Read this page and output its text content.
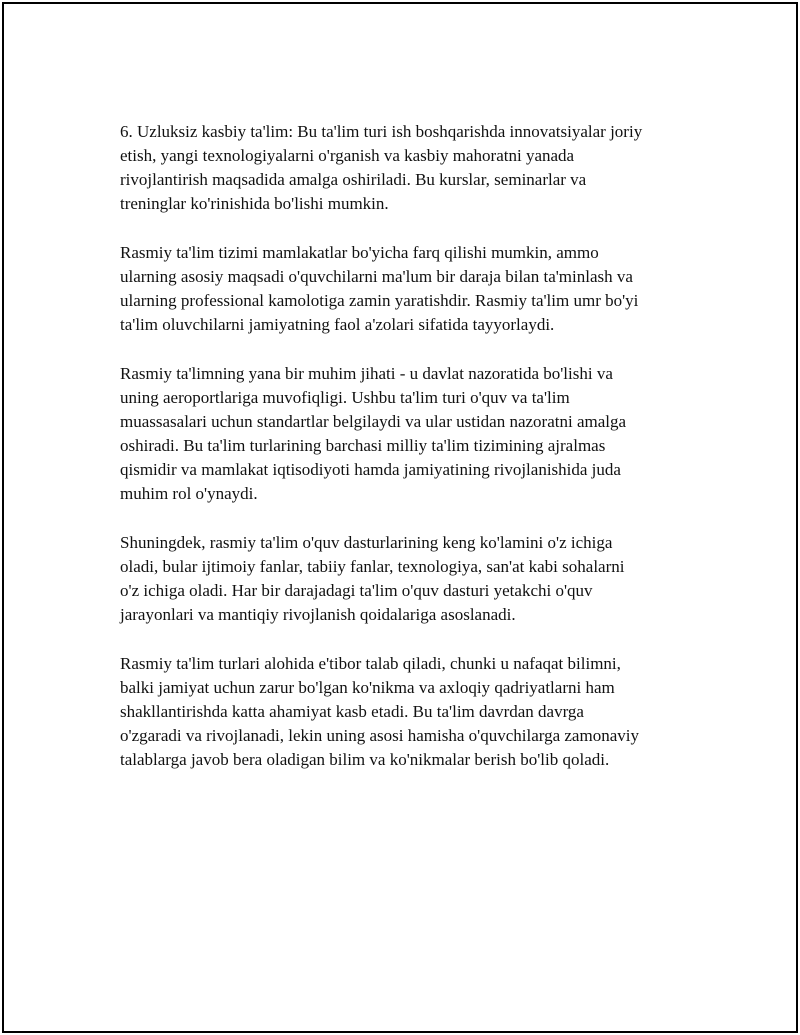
6. Uzluksiz kasbiy ta'lim: Bu ta'lim turi ish boshqarishda innovatsiyalar joriy
etish, yangi texnologiyalarni o'rganish va kasbiy mahoratni yanada
rivojlantirish maqsadida amalga oshiriladi. Bu kurslar, seminarlar va
treninglar ko'rinishida bo'lishi mumkin.

Rasmiy ta'lim tizimi mamlakatlar bo'yicha farq qilishi mumkin, ammo
ularning asosiy maqsadi o'quvchilarni ma'lum bir daraja bilan ta'minlash va
ularning professional kamolotiga zamin yaratishdir. Rasmiy ta'lim umr bo'yi
ta'lim oluvchilarni jamiyatning faol a'zolari sifatida tayyorlaydi.

Rasmiy ta'limning yana bir muhim jihati - u davlat nazoratida bo'lishi va
uning aeroportlariga muvofiqligi. Ushbu ta'lim turi o'quv va ta'lim
muassasalari uchun standartlar belgilaydi va ular ustidan nazoratni amalga
oshiradi. Bu ta'lim turlarining barchasi milliy ta'lim tizimining ajralmas
qismidir va mamlakat iqtisodiyoti hamda jamiyatining rivojlanishida juda
muhim rol o'ynaydi.

Shuningdek, rasmiy ta'lim o'quv dasturlarining keng ko'lamini o'z ichiga
oladi, bular ijtimoiy fanlar, tabiiy fanlar, texnologiya, san'at kabi sohalarni
o'z ichiga oladi. Har bir darajadagi ta'lim o'quv dasturi yetakchi o'quv
jarayonlari va mantiqiy rivojlanish qoidalariga asoslanadi.

Rasmiy ta'lim turlari alohida e'tibor talab qiladi, chunki u nafaqat bilimni,
balki jamiyat uchun zarur bo'lgan ko'nikma va axloqiy qadriyatlarni ham
shakllantirishda katta ahamiyat kasb etadi. Bu ta'lim davrdan davrga
o'zgaradi va rivojlanadi, lekin uning asosi hamisha o'quvchilarga zamonaviy
talablarga javob bera oladigan bilim va ko'nikmalar berish bo'lib qoladi.
